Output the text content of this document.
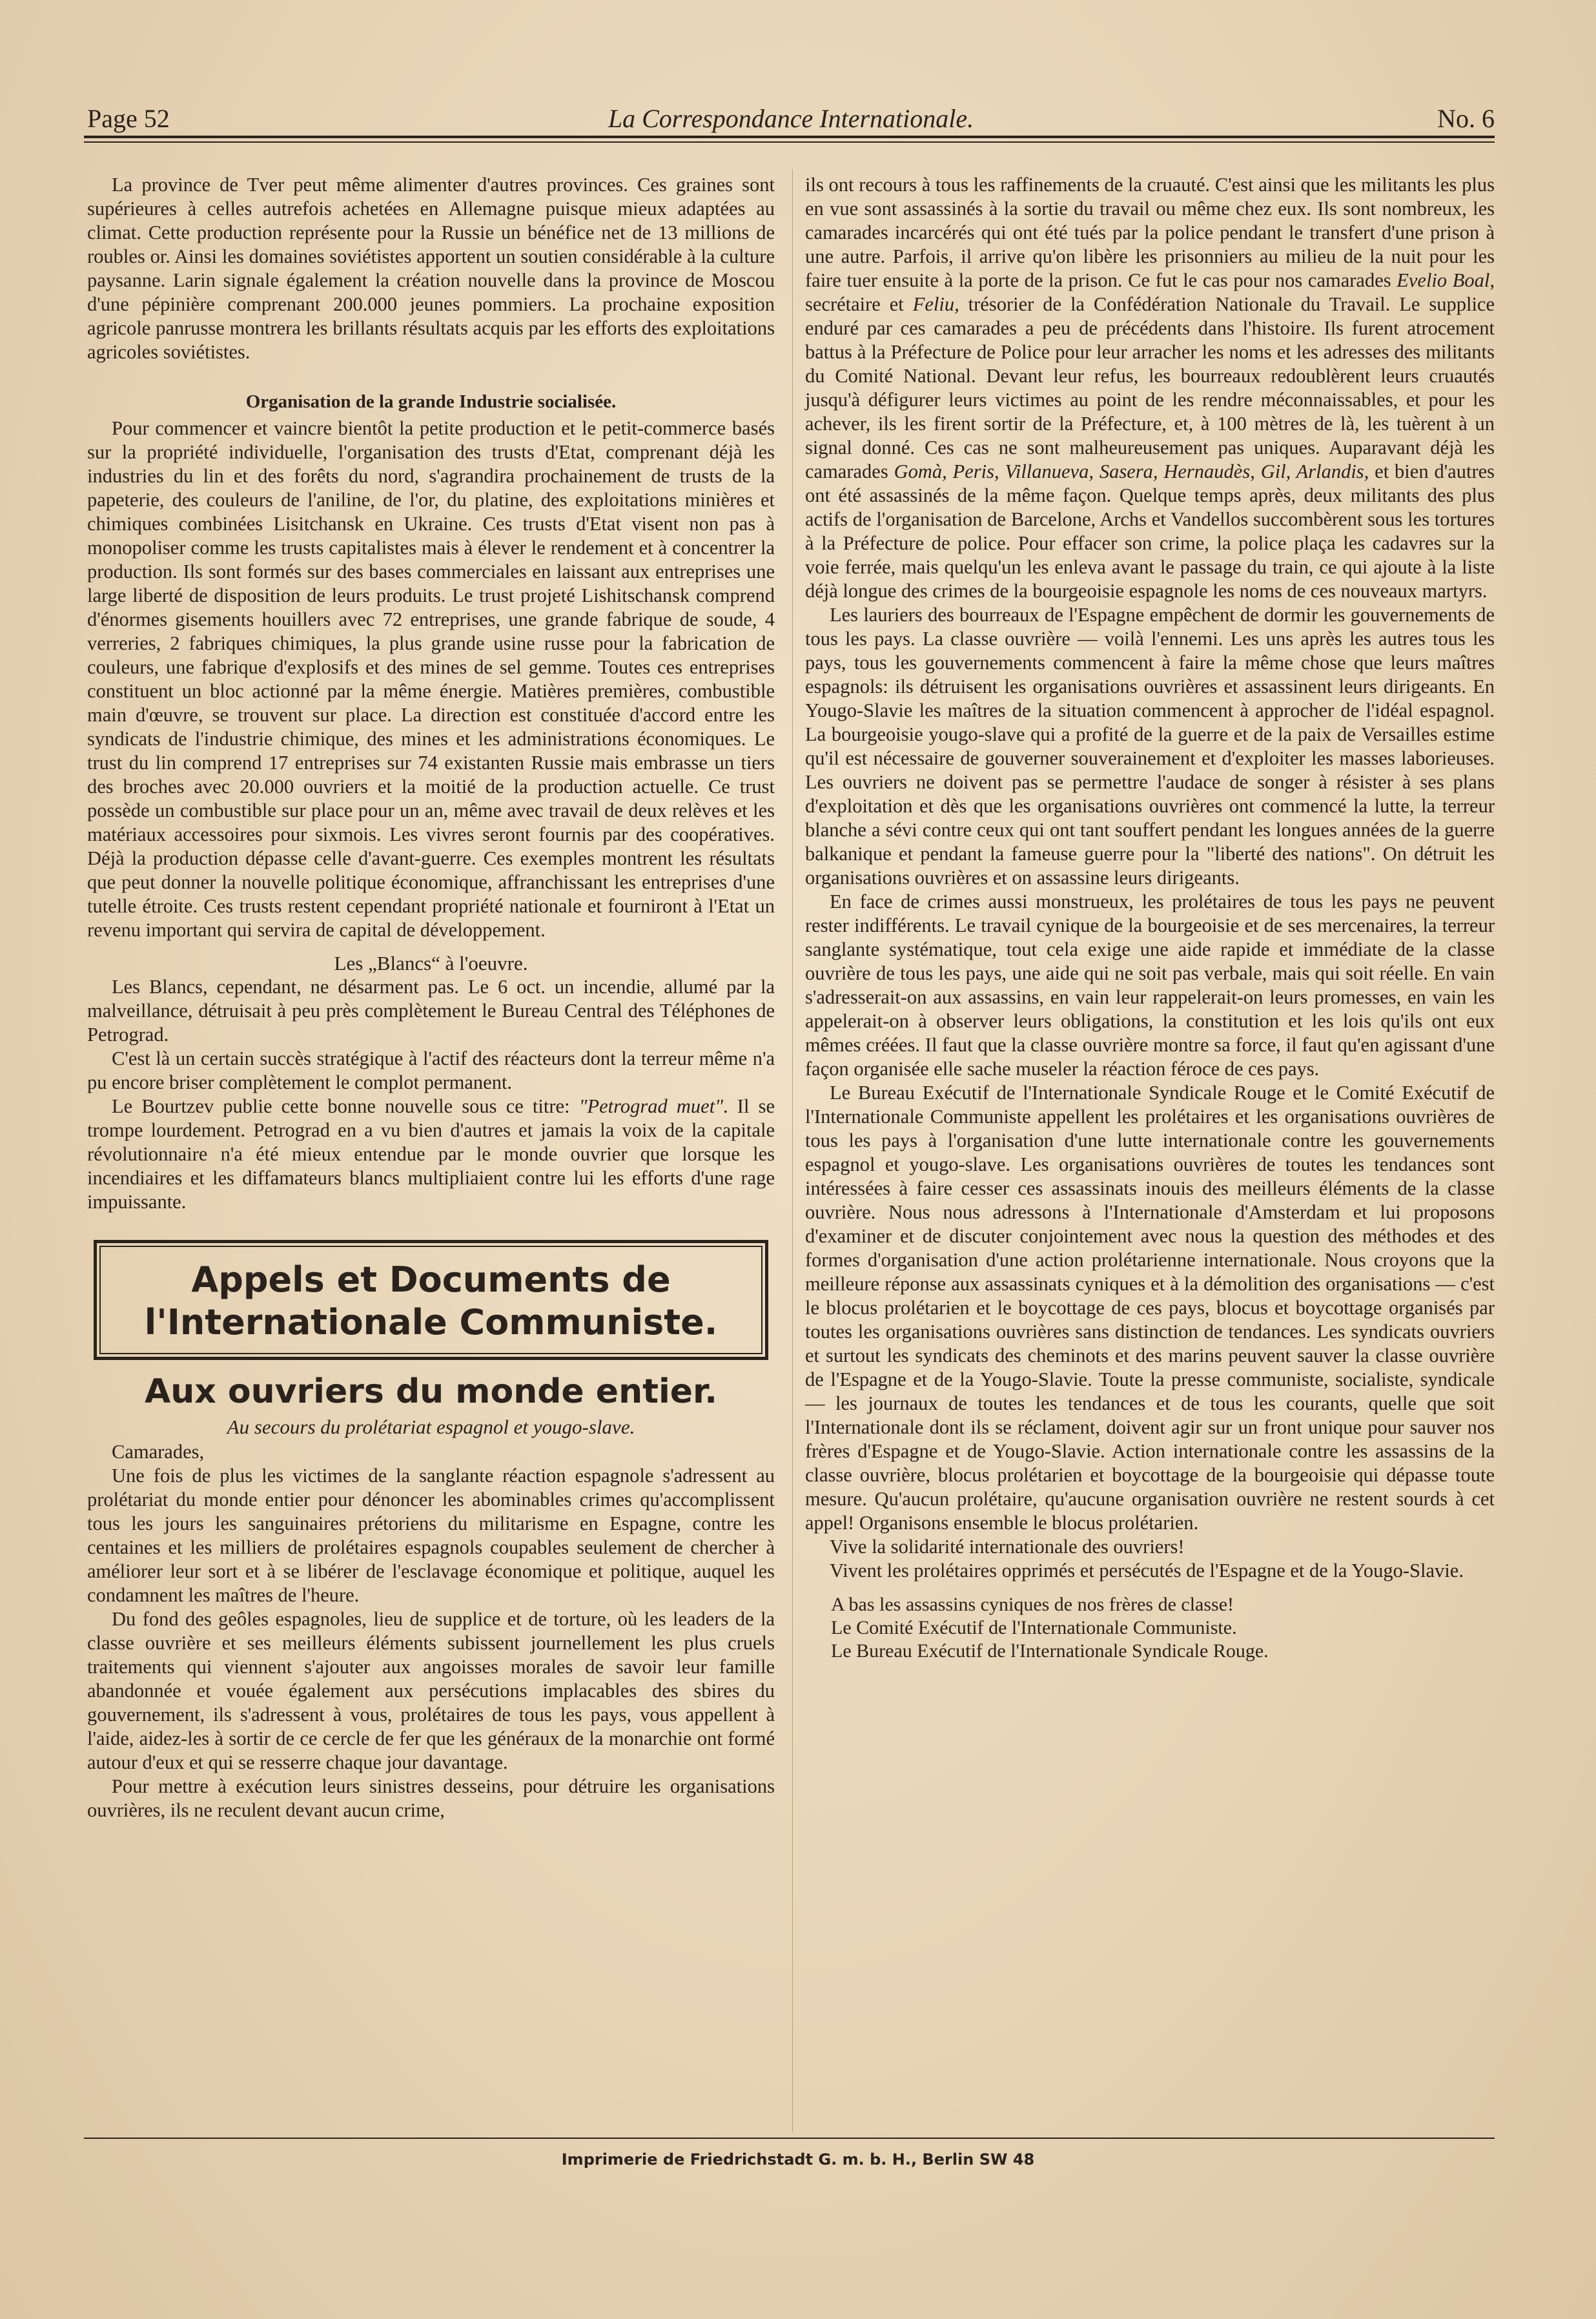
Page 52	La Correspondance Internationale.	No. 6

La province de Tver peut même alimenter d'autres provinces. Ces graines sont supérieures à celles autrefois achetées en Allemagne puisque mieux adaptées au climat. Cette production représente pour la Russie un bénéfice net de 13 millions de roubles or. Ainsi les domaines soviétistes apportent un soutien considérable à la culture paysanne. Larin signale également la création nouvelle dans la province de Moscou d'une pépinière comprenant 200.000 jeunes pommiers. La prochaine exposition agricole panrusse montrera les brillants résultats acquis par les efforts des exploitations agricoles soviétistes.

Organisation de la grande Industrie socialisée.

Pour commencer et vaincre bientôt la petite production et le petit-commerce basés sur la propriété individuelle, l'organisation des trusts d'Etat, comprenant déjà les industries du lin et des forêts du nord, s'agrandira prochainement de trusts de la papeterie, des couleurs de l'aniline, de l'or, du platine, des exploitations minières et chimiques combinées Lisitchansk en Ukraine. Ces trusts d'Etat visent non pas à monopoliser comme les trusts capitalistes mais à élever le rendement et à concentrer la production. Ils sont formés sur des bases commerciales en laissant aux entreprises une large liberté de disposition de leurs produits. Le trust projeté Lishitschansk comprend d'énormes gisements houillers avec 72 entreprises, une grande fabrique de soude, 4 verreries, 2 fabriques chimiques, la plus grande usine russe pour la fabrication de couleurs, une fabrique d'explosifs et des mines de sel gemme. Toutes ces entreprises constituent un bloc actionné par la même énergie. Matières premières, combustible main d'œuvre, se trouvent sur place. La direction est constituée d'accord entre les syndicats de l'industrie chimique, des mines et les administrations économiques. Le trust du lin comprend 17 entreprises sur 74 existanten Russie mais embrasse un tiers des broches avec 20.000 ouvriers et la moitié de la production actuelle. Ce trust possède un combustible sur place pour un an, même avec travail de deux relèves et les matériaux accessoires pour sixmois. Les vivres seront fournis par des coopératives. Déjà la production dépasse celle d'avant-guerre. Ces exemples montrent les résultats que peut donner la nouvelle politique économique, affranchissant les entreprises d'une tutelle étroite. Ces trusts restent cependant propriété nationale et fourniront à l'Etat un revenu important qui servira de capital de développement.

Les „Blancs“ à l'oeuvre.

Les Blancs, cependant, ne désarment pas. Le 6 oct. un incendie, allumé par la malveillance, détruisait à peu près complètement le Bureau Central des Téléphones de Petrograd.

C'est là un certain succès stratégique à l'actif des réacteurs dont la terreur même n'a pu encore briser complètement le complot permanent.

Le Bourtzev publie cette bonne nouvelle sous ce titre: "Petrograd muet". Il se trompe lourdement. Petrograd en a vu bien d'autres et jamais la voix de la capitale révolutionnaire n'a été mieux entendue par le monde ouvrier que lorsque les incendiaires et les diffamateurs blancs multipliaient contre lui les efforts d'une rage impuissante.

Appels et Documents de
l'Internationale Communiste.
Aux ouvriers du monde entier.
Au secours du prolétariat espagnol et yougo-slave.

Camarades,

Une fois de plus les victimes de la sanglante réaction espagnole s'adressent au prolétariat du monde entier pour dénoncer les abominables crimes qu'accomplissent tous les jours les sanguinaires prétoriens du militarisme en Espagne, contre les centaines et les milliers de prolétaires espagnols coupables seulement de chercher à améliorer leur sort et à se libérer de l'esclavage économique et politique, auquel les condamnent les maîtres de l'heure.

Du fond des geôles espagnoles, lieu de supplice et de torture, où les leaders de la classe ouvrière et ses meilleurs éléments subissent journellement les plus cruels traitements qui viennent s'ajouter aux angoisses morales de savoir leur famille abandonnée et vouée également aux persécutions implacables des sbires du gouvernement, ils s'adressent à vous, prolétaires de tous les pays, vous appellent à l'aide, aidez-les à sortir de ce cercle de fer que les généraux de la monarchie ont formé autour d'eux et qui se resserre chaque jour davantage.

Pour mettre à exécution leurs sinistres desseins, pour détruire les organisations ouvrières, ils ne reculent devant aucun crime,

ils ont recours à tous les raffinements de la cruauté. C'est ainsi que les militants les plus en vue sont assassinés à la sortie du travail ou même chez eux. Ils sont nombreux, les camarades incarcérés qui ont été tués par la police pendant le transfert d'une prison à une autre. Parfois, il arrive qu'on libère les prisonniers au milieu de la nuit pour les faire tuer ensuite à la porte de la prison. Ce fut le cas pour nos camarades Evelio Boal, secrétaire et Feliu, trésorier de la Confédération Nationale du Travail. Le supplice enduré par ces camarades a peu de précédents dans l'histoire. Ils furent atrocement battus à la Préfecture de Police pour leur arracher les noms et les adresses des militants du Comité National. Devant leur refus, les bourreaux redoublèrent leurs cruautés jusqu'à défigurer leurs victimes au point de les rendre méconnaissables, et pour les achever, ils les firent sortir de la Préfecture, et, à 100 mètres de là, les tuèrent à un signal donné. Ces cas ne sont malheureusement pas uniques. Auparavant déjà les camarades Gomà, Peris, Villanueva, Sasera, Hernaudès, Gil, Arlandis, et bien d'autres ont été assassinés de la même façon. Quelque temps après, deux militants des plus actifs de l'organisation de Barcelone, Archs et Vandellos succombèrent sous les tortures à la Préfecture de police. Pour effacer son crime, la police plaça les cadavres sur la voie ferrée, mais quelqu'un les enleva avant le passage du train, ce qui ajoute à la liste déjà longue des crimes de la bourgeoisie espagnole les noms de ces nouveaux martyrs.

Les lauriers des bourreaux de l'Espagne empêchent de dormir les gouvernements de tous les pays. La classe ouvrière — voilà l'ennemi. Les uns après les autres tous les pays, tous les gouvernements commencent à faire la même chose que leurs maîtres espagnols: ils détruisent les organisations ouvrières et assassinent leurs dirigeants. En Yougo-Slavie les maîtres de la situation commencent à approcher de l'idéal espagnol. La bourgeoisie yougo-slave qui a profité de la guerre et de la paix de Versailles estime qu'il est nécessaire de gouverner souverainement et d'exploiter les masses laborieuses. Les ouvriers ne doivent pas se permettre l'audace de songer à résister à ses plans d'exploitation et dès que les organisations ouvrières ont commencé la lutte, la terreur blanche a sévi contre ceux qui ont tant souffert pendant les longues années de la guerre balkanique et pendant la fameuse guerre pour la "liberté des nations". On détruit les organisations ouvrières et on assassine leurs dirigeants.

En face de crimes aussi monstrueux, les prolétaires de tous les pays ne peuvent rester indifférents. Le travail cynique de la bourgeoisie et de ses mercenaires, la terreur sanglante systématique, tout cela exige une aide rapide et immédiate de la classe ouvrière de tous les pays, une aide qui ne soit pas verbale, mais qui soit réelle. En vain s'adresserait-on aux assassins, en vain leur rappelerait-on leurs promesses, en vain les appelerait-on à observer leurs obligations, la constitution et les lois qu'ils ont eux mêmes créées. Il faut que la classe ouvrière montre sa force, il faut qu'en agissant d'une façon organisée elle sache museler la réaction féroce de ces pays.

Le Bureau Exécutif de l'Internationale Syndicale Rouge et le Comité Exécutif de l'Internationale Communiste appellent les prolétaires et les organisations ouvrières de tous les pays à l'organisation d'une lutte internationale contre les gouvernements espagnol et yougo-slave. Les organisations ouvrières de toutes les tendances sont intéressées à faire cesser ces assassinats inouis des meilleurs éléments de la classe ouvrière. Nous nous adressons à l'Internationale d'Amsterdam et lui proposons d'examiner et de discuter conjointement avec nous la question des méthodes et des formes d'organisation d'une action prolétarienne internationale. Nous croyons que la meilleure réponse aux assassinats cyniques et à la démolition des organisations — c'est le blocus prolétarien et le boycottage de ces pays, blocus et boycottage organisés par toutes les organisations ouvrières sans distinction de tendances. Les syndicats ouvriers et surtout les syndicats des cheminots et des marins peuvent sauver la classe ouvrière de l'Espagne et de la Yougo-Slavie. Toute la presse communiste, socialiste, syndicale — les journaux de toutes les tendances et de tous les courants, quelle que soit l'Internationale dont ils se réclament, doivent agir sur un front unique pour sauver nos frères d'Espagne et de Yougo-Slavie. Action internationale contre les assassins de la classe ouvrière, blocus prolétarien et boycottage de la bourgeoisie qui dépasse toute mesure. Qu'aucun prolétaire, qu'aucune organisation ouvrière ne restent sourds à cet appel! Organisons ensemble le blocus prolétarien.

Vive la solidarité internationale des ouvriers!

Vivent les prolétaires opprimés et persécutés de l'Espagne et de la Yougo-Slavie.

A bas les assassins cyniques de nos frères de classe!
Le Comité Exécutif de l'Internationale Communiste.
Le Bureau Exécutif de l'Internationale Syndicale Rouge.
Imprimerie de Friedrichstadt G. m. b. H., Berlin SW 48
